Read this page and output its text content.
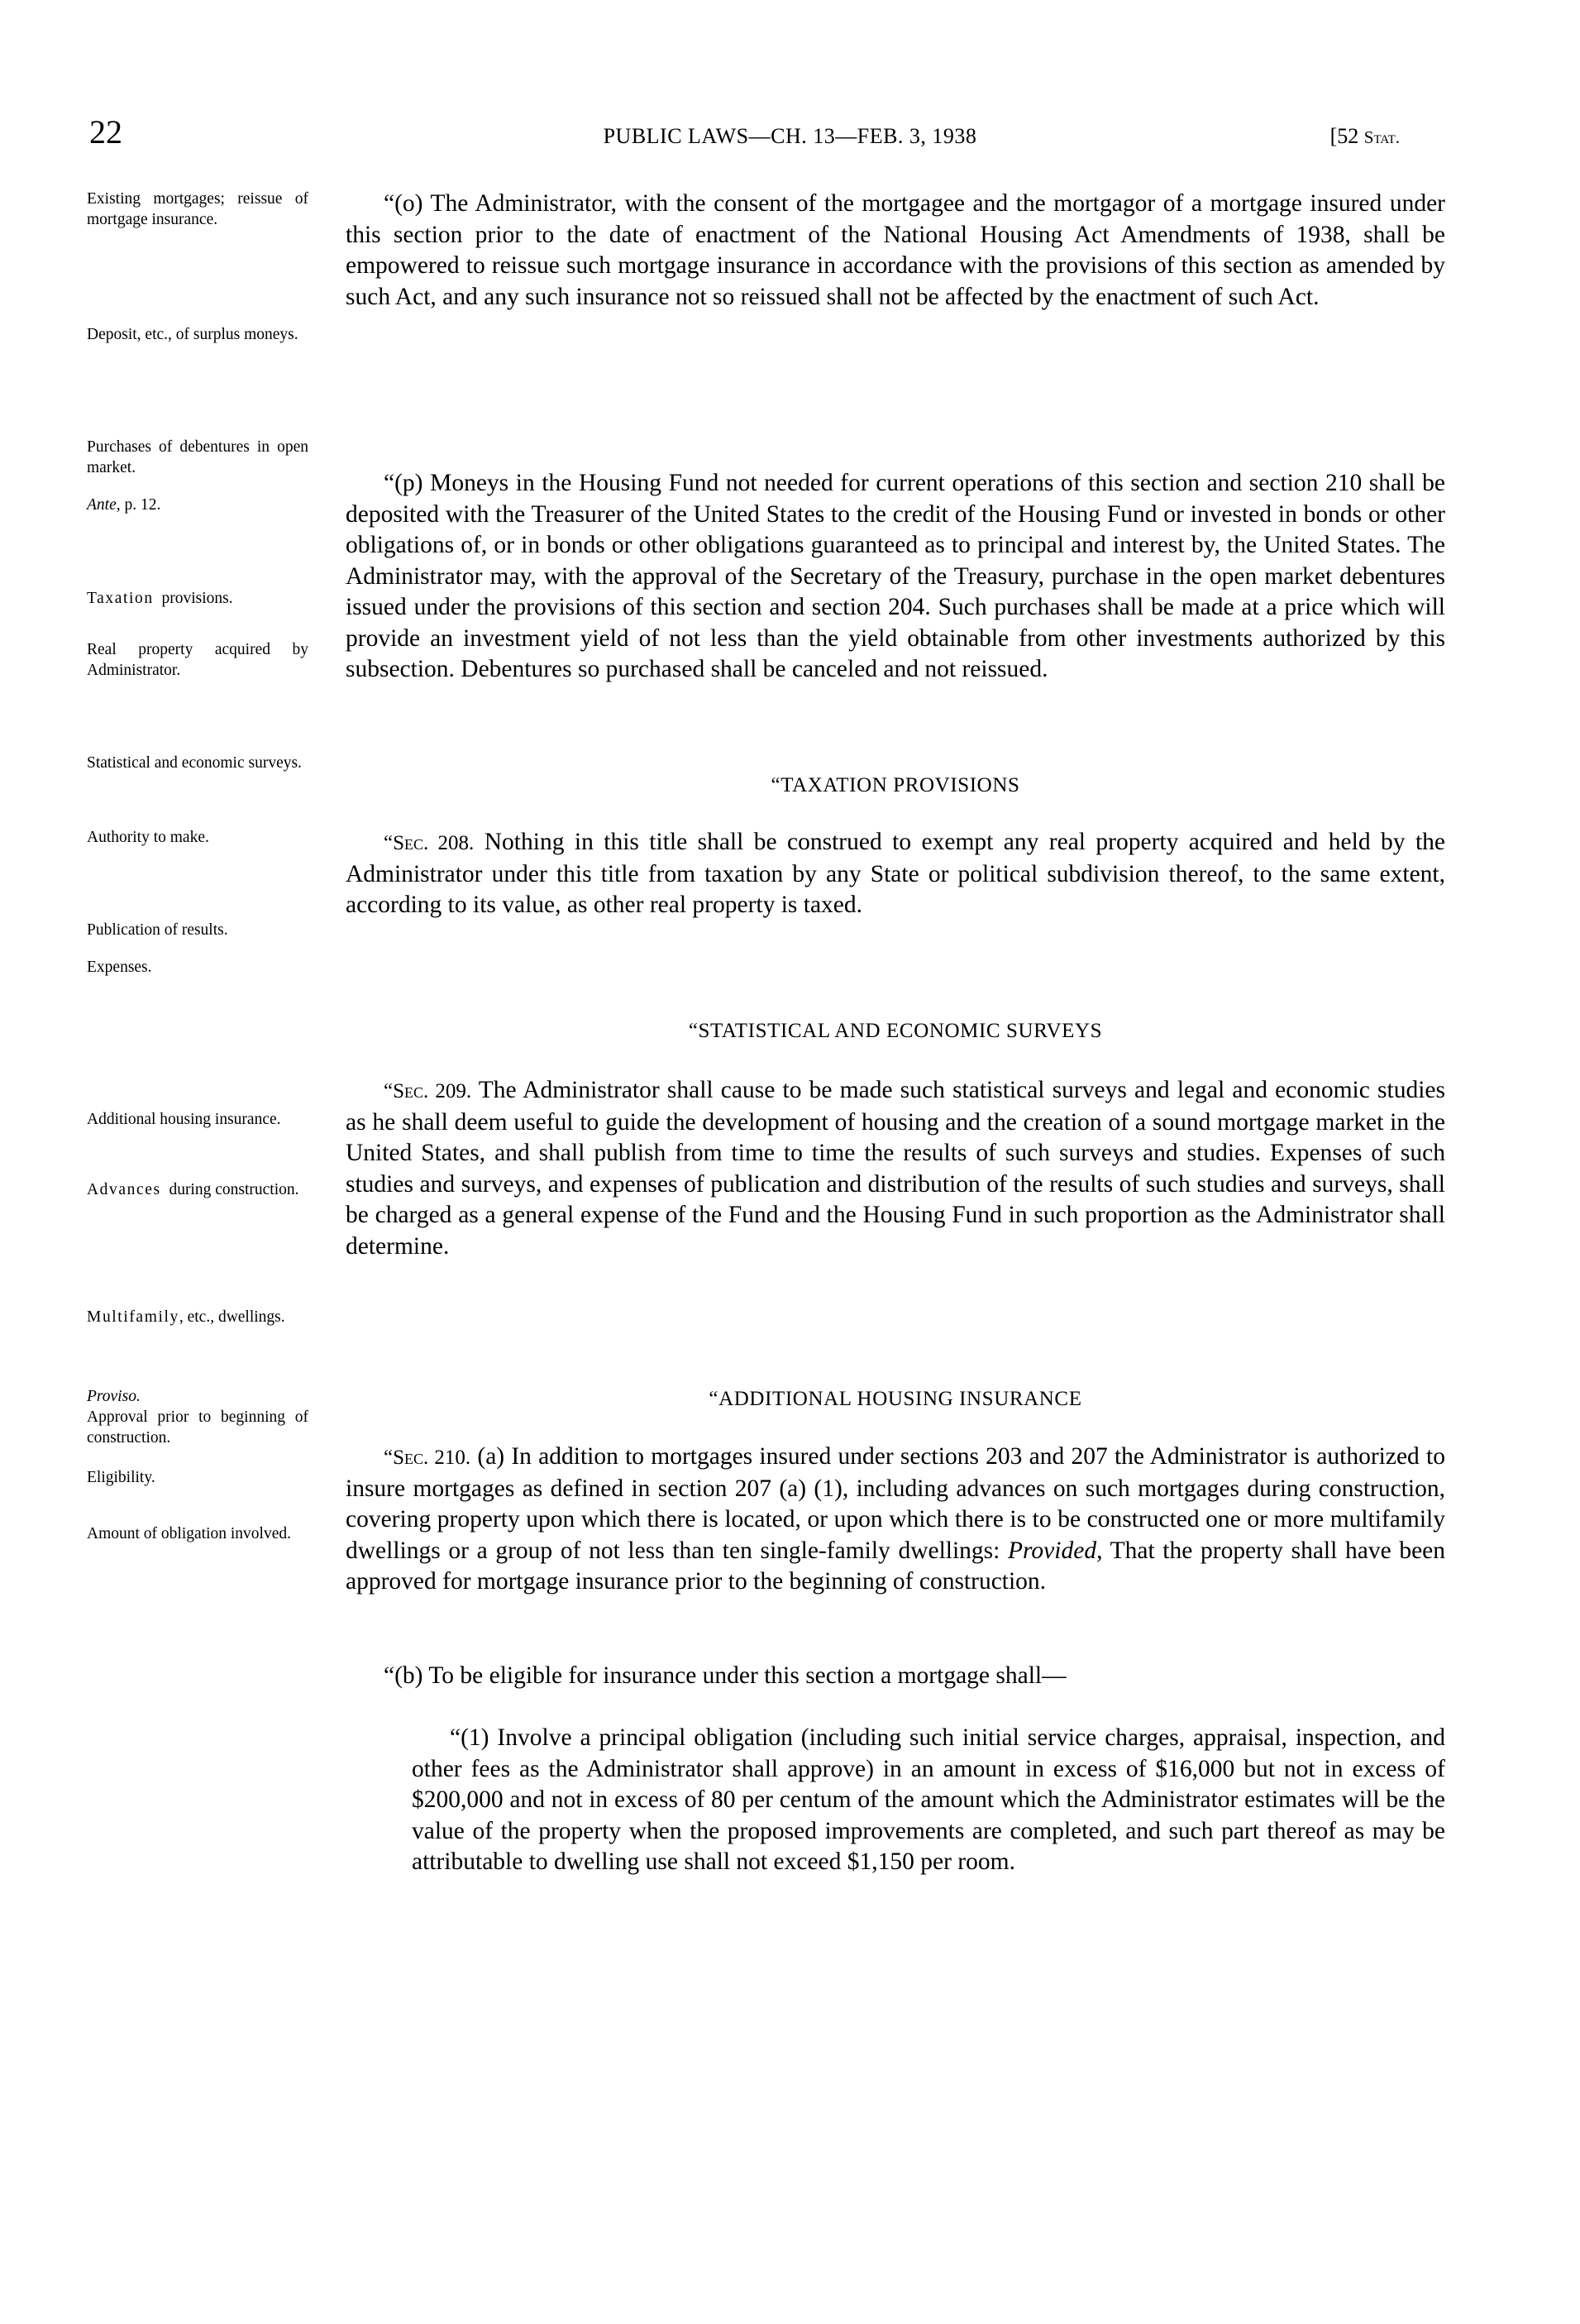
22	PUBLIC LAWS—CH. 13—FEB. 3, 1938	[52 Stat.
Existing mortgages; reissue of mortgage insurance.
Deposit, etc., of surplus moneys.
Purchases of debentures in open market.
Ante, p. 12.
Taxation  provisions.
Real property acquired by Administrator.
Statistical and economic surveys.
Authority to make.
Publication of results.
Expenses.
Additional housing insurance.
Advances  during construction.
Multifamily, etc., dwellings.
Proviso.
Approval prior to beginning of construction.
Eligibility.
Amount of obligation involved.

“(o) The Administrator, with the consent of the mortgagee and the mortgagor of a mortgage insured under this section prior to the date of enactment of the National Housing Act Amendments of 1938, shall be empowered to reissue such mortgage insurance in accordance with the provisions of this section as amended by such Act, and any such insurance not so reissued shall not be affected by the enactment of such Act.

“(p) Moneys in the Housing Fund not needed for current operations of this section and section 210 shall be deposited with the Treasurer of the United States to the credit of the Housing Fund or invested in bonds or other obligations of, or in bonds or other obligations guaranteed as to principal and interest by, the United States. The Administrator may, with the approval of the Secretary of the Treasury, purchase in the open market debentures issued under the provisions of this section and section 204. Such purchases shall be made at a price which will provide an investment yield of not less than the yield obtainable from other investments authorized by this subsection. Debentures so purchased shall be canceled and not reissued.

“TAXATION PROVISIONS

“Sec. 208. Nothing in this title shall be construed to exempt any real property acquired and held by the Administrator under this title from taxation by any State or political subdivision thereof, to the same extent, according to its value, as other real property is taxed.

“STATISTICAL AND ECONOMIC SURVEYS

“Sec. 209. The Administrator shall cause to be made such statistical surveys and legal and economic studies as he shall deem useful to guide the development of housing and the creation of a sound mortgage market in the United States, and shall publish from time to time the results of such surveys and studies. Expenses of such studies and surveys, and expenses of publication and distribution of the results of such studies and surveys, shall be charged as a general expense of the Fund and the Housing Fund in such proportion as the Administrator shall determine.

“ADDITIONAL HOUSING INSURANCE

“Sec. 210. (a) In addition to mortgages insured under sections 203 and 207 the Administrator is authorized to insure mortgages as defined in section 207 (a) (1), including advances on such mortgages during construction, covering property upon which there is located, or upon which there is to be constructed one or more multifamily dwellings or a group of not less than ten single-family dwellings: Provided, That the property shall have been approved for mortgage insurance prior to the beginning of construction.

“(b) To be eligible for insurance under this section a mortgage shall—

“(1) Involve a principal obligation (including such initial service charges, appraisal, inspection, and other fees as the Administrator shall approve) in an amount in excess of $16,000 but not in excess of $200,000 and not in excess of 80 per centum of the amount which the Administrator estimates will be the value of the property when the proposed improvements are completed, and such part thereof as may be attributable to dwelling use shall not exceed $1,150 per room.
